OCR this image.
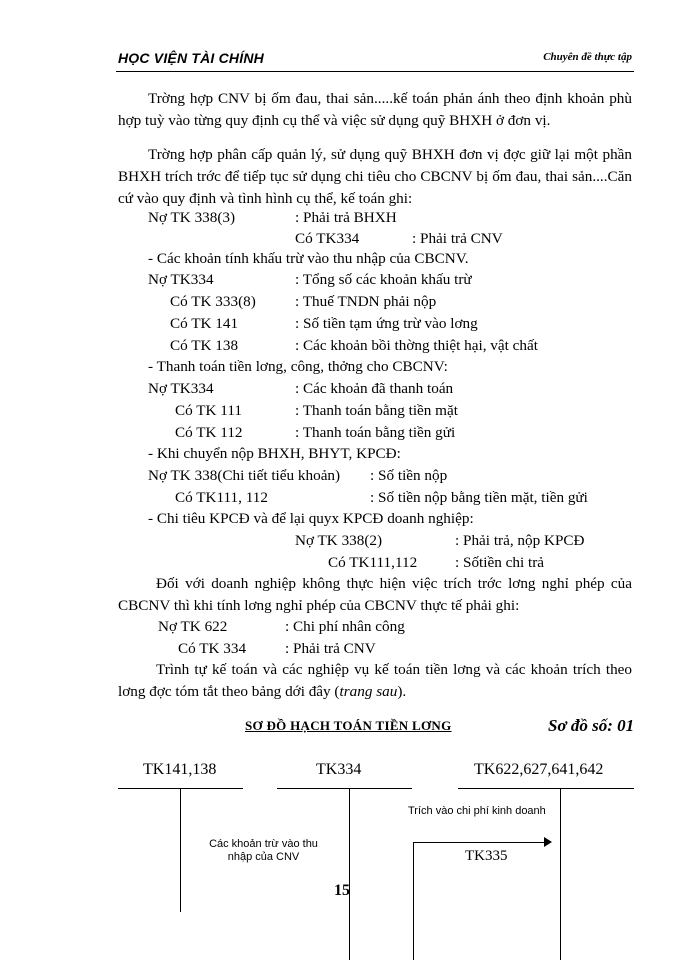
HỌC VIỆN TÀI CHÍNH	Chuyên đề thực tập
Trờng hợp CNV bị ốm đau, thai sản.....kế toán phản ánh theo định khoản phù hợp tuỳ vào từng quy định cụ thể và việc sử dụng quỹ BHXH ở đơn vị.
Trờng hợp phân cấp quản lý, sử dụng quỹ BHXH đơn vị đợc giữ lại một phần BHXH trích trớc để tiếp tục sử dụng chi tiêu cho CBCNV bị ốm đau, thai sản....Căn cứ vào quy định và tình hình cụ thể, kế toán ghi:
Nợ TK 338(3)	: Phải trả BHXH
Có TK334	: Phải trả CNV
- Các khoản tính khấu trừ vào thu nhập của CBCNV.
Nợ TK334	: Tổng số các khoản khấu trừ
Có TK 333(8)	: Thuế TNDN phải nộp
Có TK 141	: Số tiền tạm ứng trừ vào lơng
Có TK 138	: Các khoản bồi thờng thiệt hại, vật chất
- Thanh toán tiền lơng, công, thởng cho CBCNV:
Nợ TK334	: Các khoản đã thanh toán
Có TK 111	: Thanh toán bằng tiền mặt
Có TK 112	: Thanh toán bằng tiền gửi
- Khi chuyển nộp BHXH, BHYT, KPCĐ:
Nợ TK 338(Chi tiết tiểu khoản) : Số tiền nộp
Có TK111, 112	: Số tiền nộp bằng tiền mặt, tiền gửi
- Chi tiêu KPCĐ và để lại quyx KPCĐ doanh nghiệp:
Nợ TK 338(2)	: Phải trả, nộp KPCĐ
Có TK111,112 : Sốtiền chi trả
Đối với doanh nghiệp không thực hiện việc trích trớc lơng nghỉ phép của CBCNV thì khi tính lơng nghỉ phép của CBCNV thực tế phải ghi:
Nợ TK 622	: Chi phí nhân công
Có TK 334	: Phải trả CNV
Trình tự kế toán và các nghiệp vụ kế toán tiền lơng và các khoản trích theo lơng đợc tóm tắt theo bảng dới đây (trang sau).
SƠ ĐỒ HẠCH TOÁN TIỀN LƠNG	Sơ đồ số: 01
TK141,138	TK334	TK622,627,641,642
Các khoản trừ vào thu nhập của CNV
Trích vào chi phí kinh doanh
TK335
15
